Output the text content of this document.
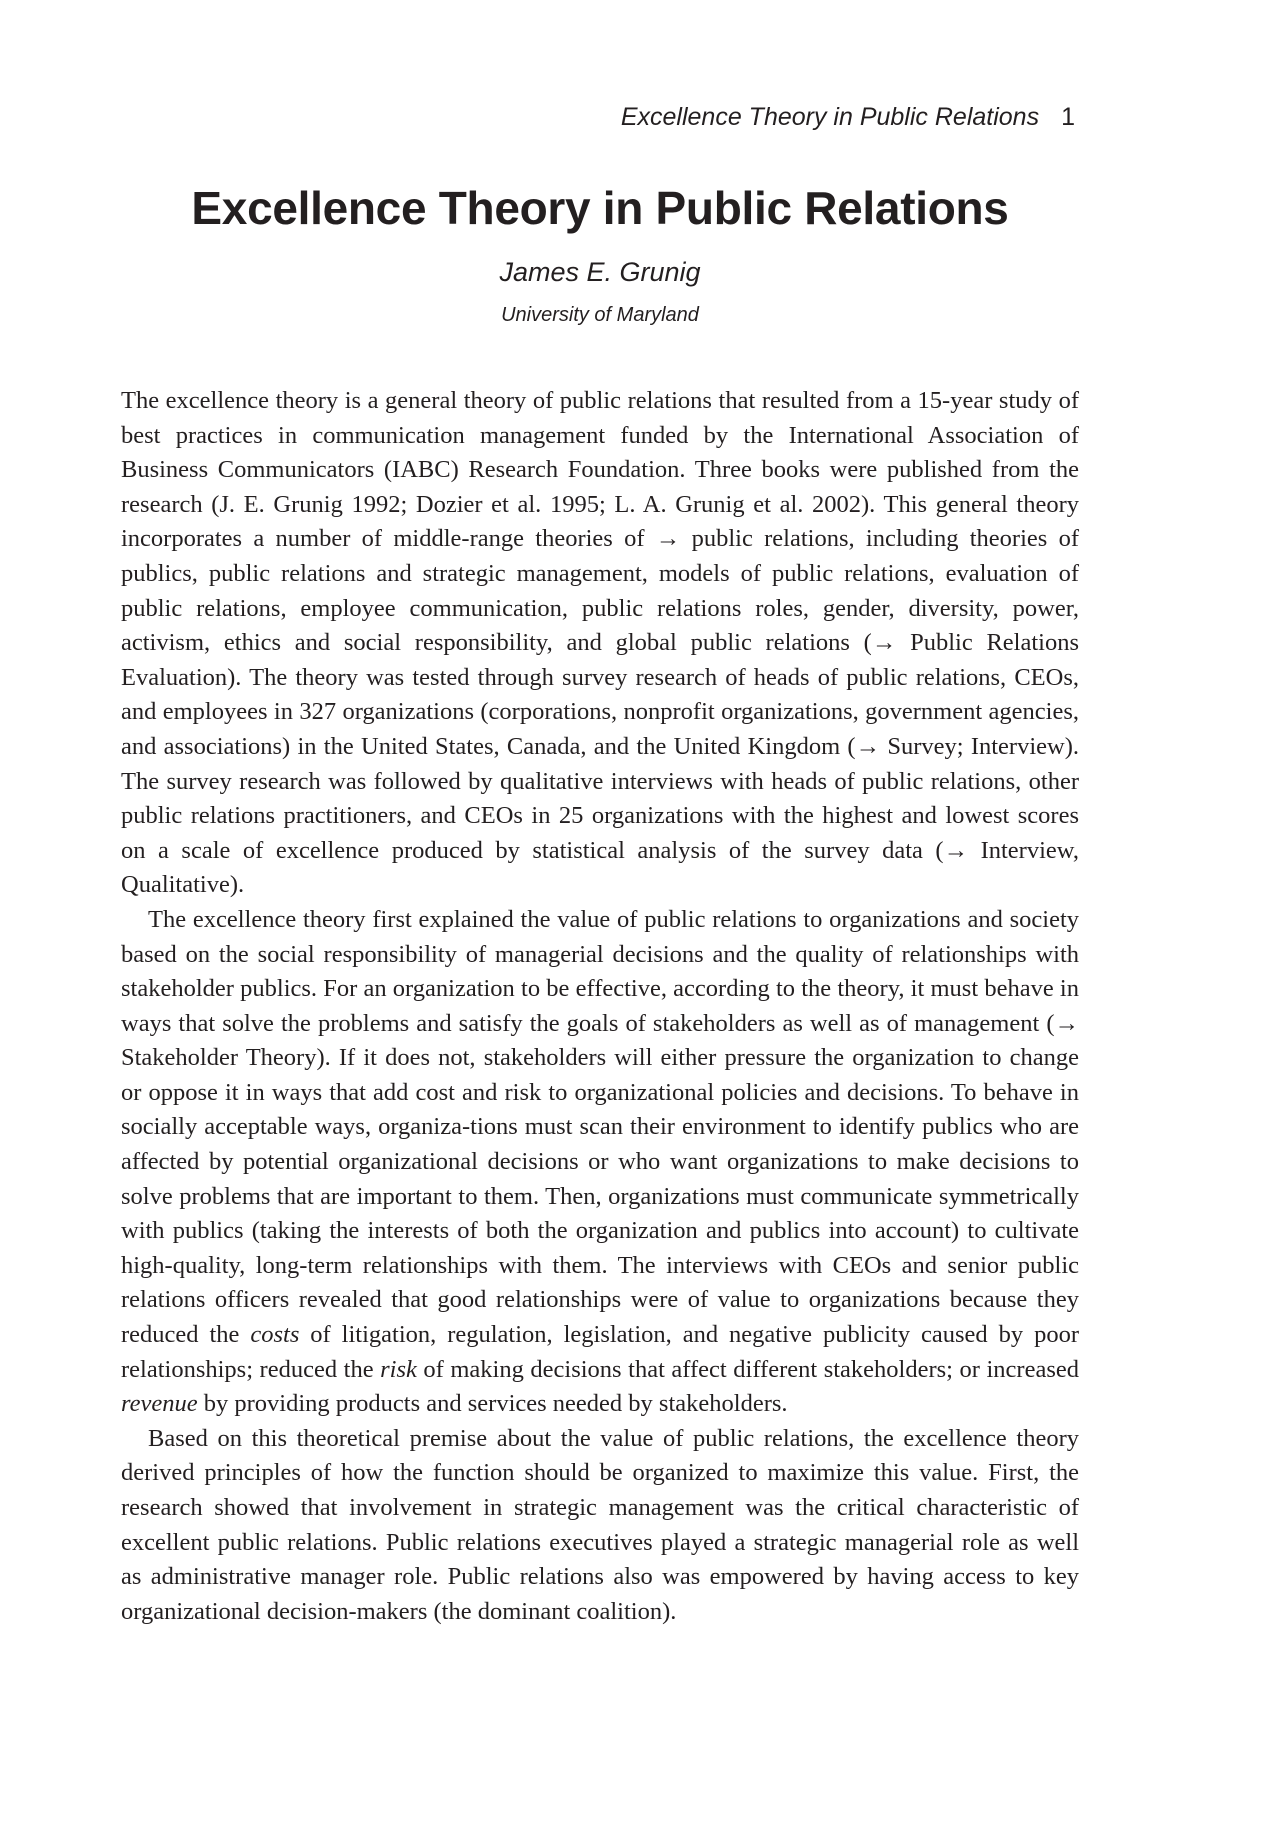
Excellence Theory in Public Relations 1
Excellence Theory in Public Relations
James E. Grunig
University of Maryland

The excellence theory is a general theory of public relations that resulted from a 15-year study of best practices in communication management funded by the International Association of Business Communicators (IABC) Research Foundation. Three books were published from the research (J. E. Grunig 1992; Dozier et al. 1995; L. A. Grunig et al. 2002). This general theory incorporates a number of middle-range theories of → public relations, including theories of publics, public relations and strategic management, models of public relations, evaluation of public relations, employee communication, public relations roles, gender, diversity, power, activism, ethics and social responsibility, and global public relations (→ Public Relations Evaluation). The theory was tested through survey research of heads of public relations, CEOs, and employees in 327 organizations (corporations, nonprofit organizations, government agencies, and associations) in the United States, Canada, and the United Kingdom (→ Survey; Interview). The survey research was followed by qualitative interviews with heads of public relations, other public relations practitioners, and CEOs in 25 organizations with the highest and lowest scores on a scale of excellence produced by statistical analysis of the survey data (→ Interview, Qualitative).

The excellence theory first explained the value of public relations to organizations and society based on the social responsibility of managerial decisions and the quality of relationships with stakeholder publics. For an organization to be effective, according to the theory, it must behave in ways that solve the problems and satisfy the goals of stakeholders as well as of management (→ Stakeholder Theory). If it does not, stakeholders will either pressure the organization to change or oppose it in ways that add cost and risk to organizational policies and decisions. To behave in socially acceptable ways, organiza-tions must scan their environment to identify publics who are affected by potential organizational decisions or who want organizations to make decisions to solve problems that are important to them. Then, organizations must communicate symmetrically with publics (taking the interests of both the organization and publics into account) to cultivate high-quality, long-term relationships with them. The interviews with CEOs and senior public relations officers revealed that good relationships were of value to organizations because they reduced the costs of litigation, regulation, legislation, and negative publicity caused by poor relationships; reduced the risk of making decisions that affect different stakeholders; or increased revenue by providing products and services needed by stakeholders.

Based on this theoretical premise about the value of public relations, the excellence theory derived principles of how the function should be organized to maximize this value. First, the research showed that involvement in strategic management was the critical characteristic of excellent public relations. Public relations executives played a strategic managerial role as well as administrative manager role. Public relations also was empowered by having access to key organizational decision-makers (the dominant coalition).
